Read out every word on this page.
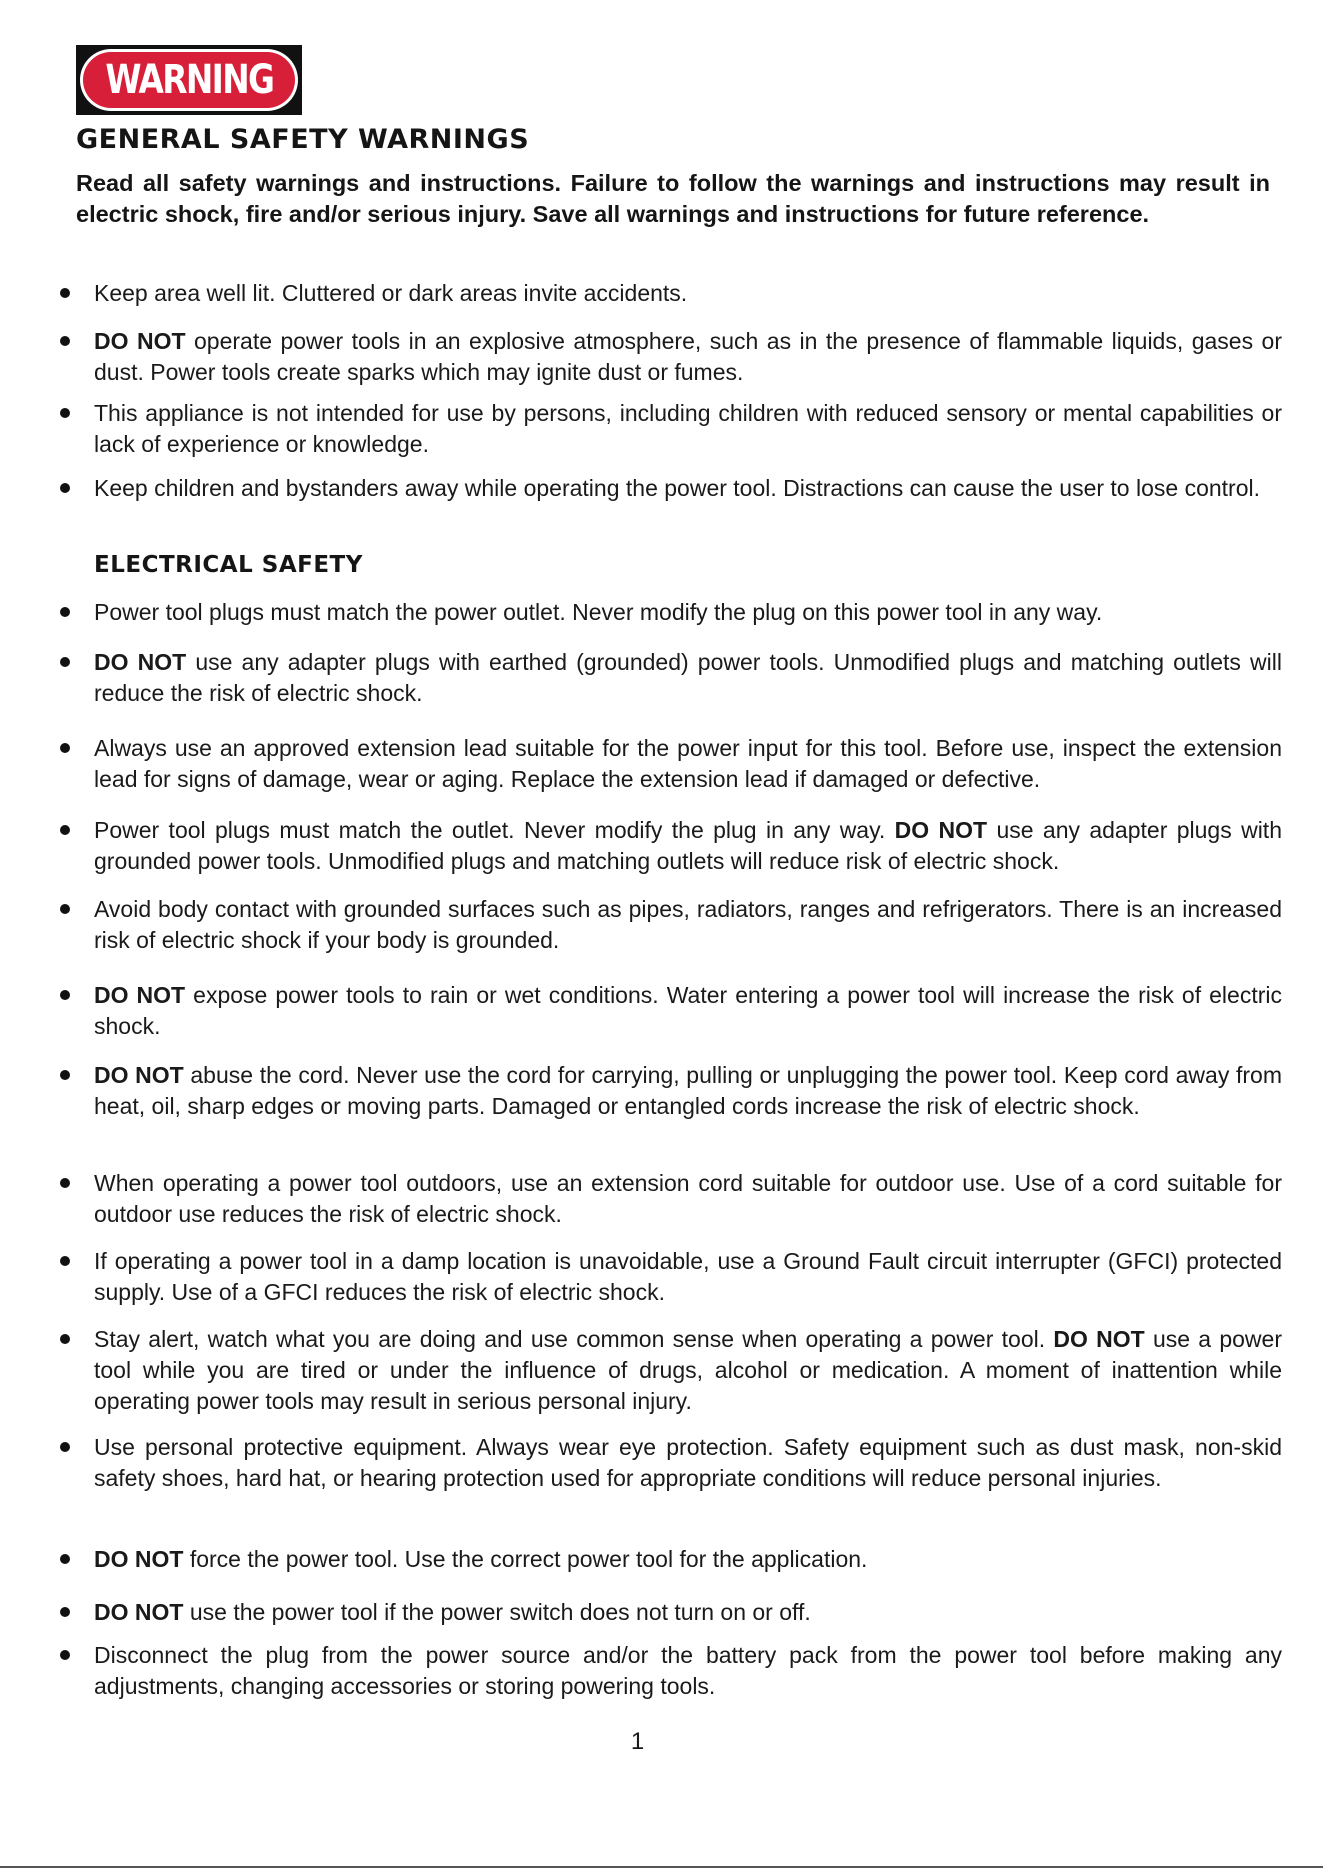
WARNING
GENERAL SAFETY WARNINGS

Read all safety warnings and instructions. Failure to follow the warnings and instructions may result in electric shock, fire and/or serious injury. Save all warnings and instructions for future reference.

Keep area well lit. Cluttered or dark areas invite accidents.
DO NOT operate power tools in an explosive atmosphere, such as in the presence of flammable liquids, gases or dust. Power tools create sparks which may ignite dust or fumes.
This appliance is not intended for use by persons, including children with reduced sensory or mental capabilities or lack of experience or knowledge.
Keep children and bystanders away while operating the power tool. Distractions can cause the user to lose control.
ELECTRICAL SAFETY
Power tool plugs must match the power outlet. Never modify the plug on this power tool in any way.
DO NOT use any adapter plugs with earthed (grounded) power tools. Unmodified plugs and matching outlets will reduce the risk of electric shock.
Always use an approved extension lead suitable for the power input for this tool. Before use, inspect the extension lead for signs of damage, wear or aging. Replace the extension lead if damaged or defective.
Power tool plugs must match the outlet. Never modify the plug in any way. DO NOT use any adapter plugs with grounded power tools. Unmodified plugs and matching outlets will reduce risk of electric shock.
Avoid body contact with grounded surfaces such as pipes, radiators, ranges and refrigerators. There is an increased risk of electric shock if your body is grounded.
DO NOT expose power tools to rain or wet conditions. Water entering a power tool will increase the risk of electric shock.
DO NOT abuse the cord. Never use the cord for carrying, pulling or unplugging the power tool. Keep cord away from heat, oil, sharp edges or moving parts. Damaged or entangled cords increase the risk of electric shock.
When operating a power tool outdoors, use an extension cord suitable for outdoor use. Use of a cord suitable for outdoor use reduces the risk of electric shock.
If operating a power tool in a damp location is unavoidable, use a Ground Fault circuit interrupter (GFCI) protected supply. Use of a GFCI reduces the risk of electric shock.
Stay alert, watch what you are doing and use common sense when operating a power tool. DO NOT use a power tool while you are tired or under the influence of drugs, alcohol or medication. A moment of inattention while operating power tools may result in serious personal injury.
Use personal protective equipment. Always wear eye protection. Safety equipment such as dust mask, non-skid safety shoes, hard hat, or hearing protection used for appropriate conditions will reduce personal injuries.
DO NOT force the power tool. Use the correct power tool for the application.
DO NOT use the power tool if the power switch does not turn on or off.
Disconnect the plug from the power source and/or the battery pack from the power tool before making any adjustments, changing accessories or storing powering tools.
1
